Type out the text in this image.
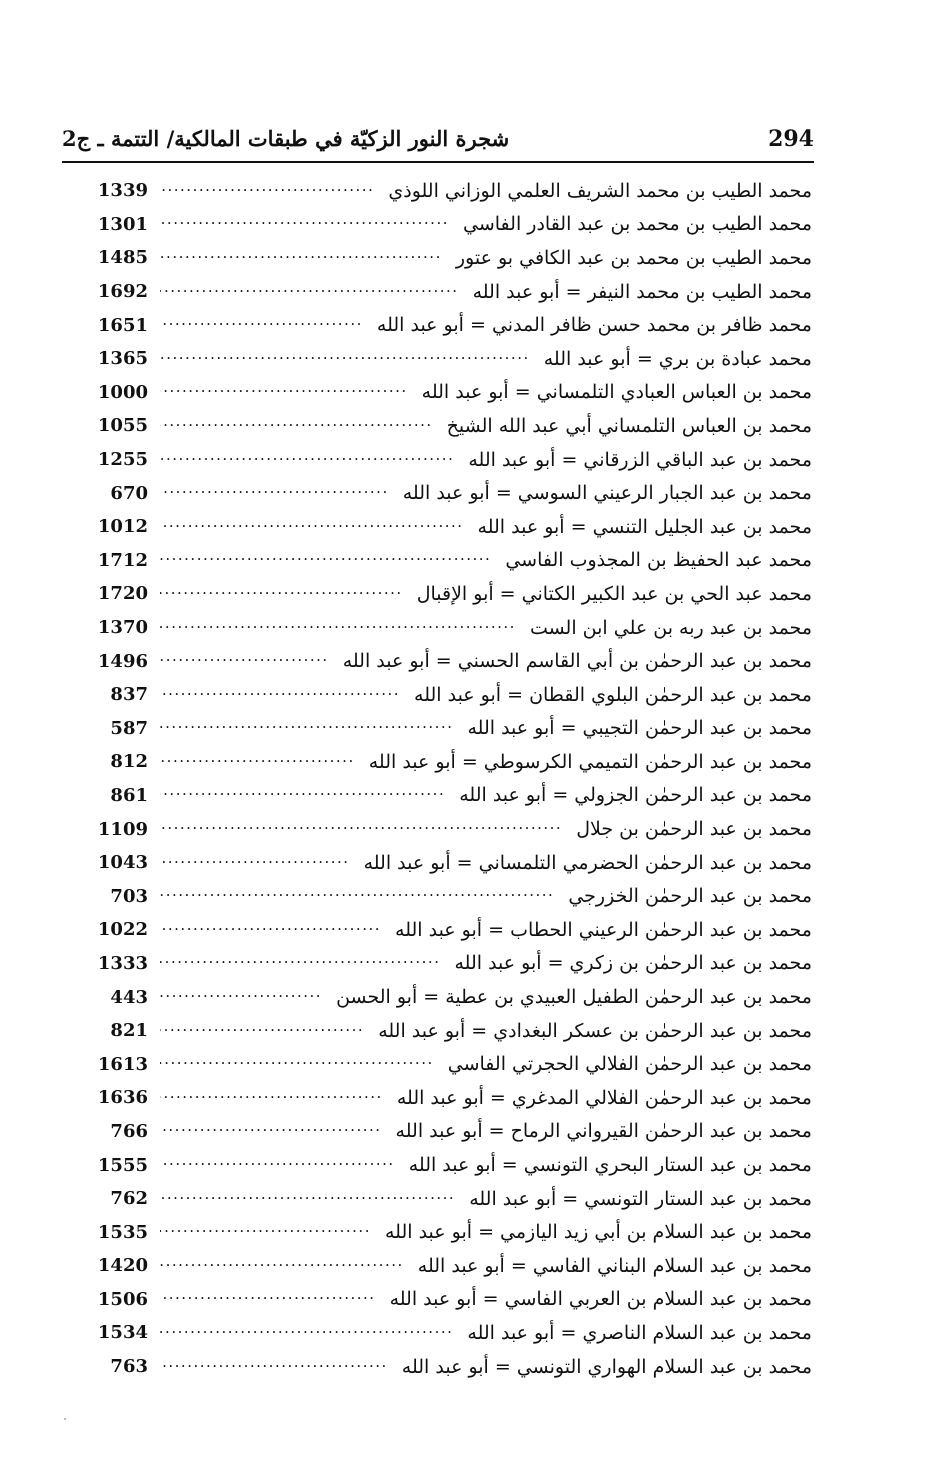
294
شجرة النور الزكيّة في طبقات المالكية/ التتمة ـ ج2
محمد الطيب بن محمد الشريف العلمي الوزاني اللوذي
.....
1339
محمد الطيب بن محمد بن عبد القادر الفاسي
.....
1301
محمد الطيب بن محمد بن عبد الكافي بو عتور
.....
1485
محمد الطيب بن محمد النيفر = أبو عبد الله
.....
1692
محمد ظافر بن محمد حسن ظافر المدني = أبو عبد الله
.....
1651
محمد عبادة بن بري = أبو عبد الله
.....
1365
محمد بن العباس العبادي التلمساني = أبو عبد الله
.....
1000
محمد بن العباس التلمساني أبي عبد الله الشيخ
.....
1055
محمد بن عبد الباقي الزرقاني = أبو عبد الله
.....
1255
محمد بن عبد الجبار الرعيني السوسي = أبو عبد الله
.....
670
محمد بن عبد الجليل التنسي = أبو عبد الله
.....
1012
محمد عبد الحفيظ بن المجذوب الفاسي
.....
1712
محمد عبد الحي بن عبد الكبير الكتاني = أبو الإقبال
.....
1720
محمد بن عبد ربه بن علي ابن الست
.....
1370
محمد بن عبد الرحمٰن بن أبي القاسم الحسني = أبو عبد الله
.....
1496
محمد بن عبد الرحمٰن البلوي القطان = أبو عبد الله
.....
837
محمد بن عبد الرحمٰن التجيبي = أبو عبد الله
.....
587
محمد بن عبد الرحمٰن التميمي الكرسوطي = أبو عبد الله
.....
812
محمد بن عبد الرحمٰن الجزولي = أبو عبد الله
.....
861
محمد بن عبد الرحمٰن بن جلال
.....
1109
محمد بن عبد الرحمٰن الحضرمي التلمساني = أبو عبد الله
.....
1043
محمد بن عبد الرحمٰن الخزرجي
.....
703
محمد بن عبد الرحمٰن الرعيني الحطاب = أبو عبد الله
.....
1022
محمد بن عبد الرحمٰن بن زكري = أبو عبد الله
.....
1333
محمد بن عبد الرحمٰن الطفيل العبيدي بن عطية = أبو الحسن
.....
443
محمد بن عبد الرحمٰن بن عسكر البغدادي = أبو عبد الله
.....
821
محمد بن عبد الرحمٰن الفلالي الحجرتي الفاسي
.....
1613
محمد بن عبد الرحمٰن الفلالي المدغري = أبو عبد الله
.....
1636
محمد بن عبد الرحمٰن القيرواني الرماح = أبو عبد الله
.....
766
محمد بن عبد الستار البحري التونسي = أبو عبد الله
.....
1555
محمد بن عبد الستار التونسي = أبو عبد الله
.....
762
محمد بن عبد السلام بن أبي زيد اليازمي = أبو عبد الله
.....
1535
محمد بن عبد السلام البناني الفاسي = أبو عبد الله
.....
1420
محمد بن عبد السلام بن العربي الفاسي = أبو عبد الله
.....
1506
محمد بن عبد السلام الناصري = أبو عبد الله
.....
1534
محمد بن عبد السلام الهواري التونسي = أبو عبد الله
.....
763
